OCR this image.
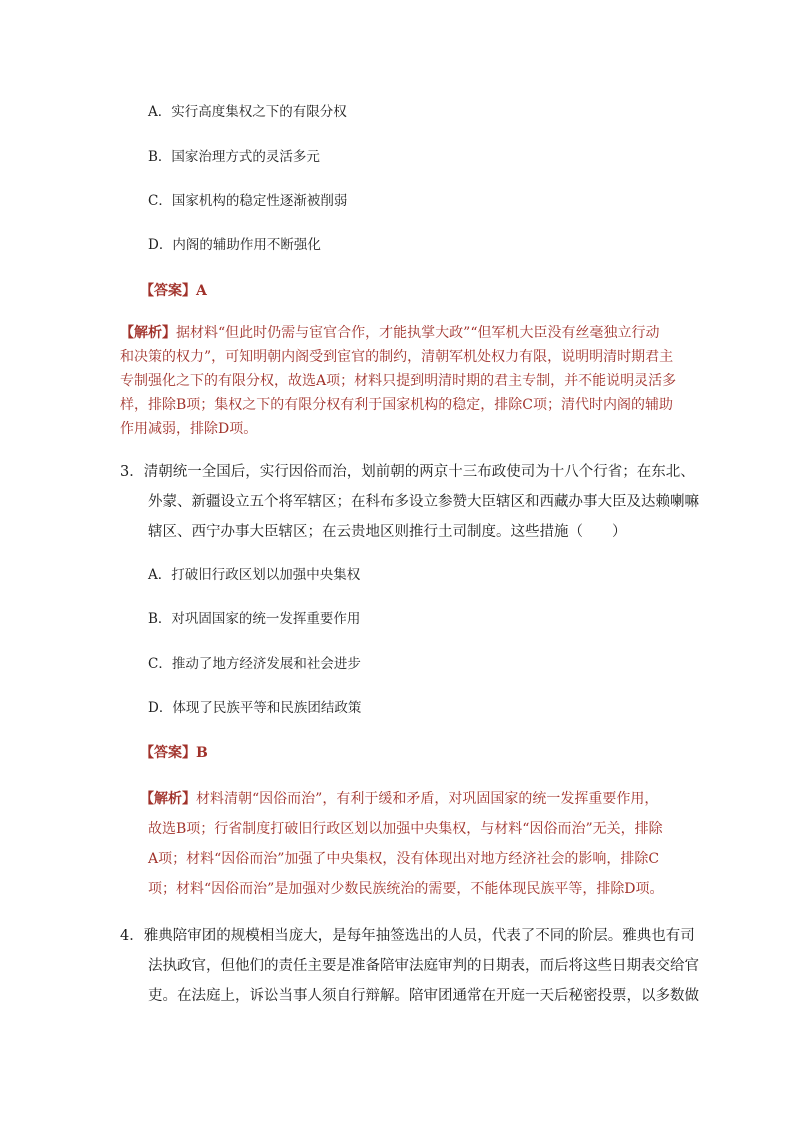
A．实行高度集权之下的有限分权
B．国家治理方式的灵活多元
C．国家机构的稳定性逐渐被削弱
D．内阁的辅助作用不断强化
【答案】A
【解析】据材料“但此时仍需与宦官合作，才能执掌大政”“但军机大臣没有丝毫独立行动
和决策的权力”，可知明朝内阁受到宦官的制约，清朝军机处权力有限，说明明清时期君主
专制强化之下的有限分权，故选A项；材料只提到明清时期的君主专制，并不能说明灵活多
样，排除B项；集权之下的有限分权有利于国家机构的稳定，排除C项；清代时内阁的辅助
作用减弱，排除D项。
3．清朝统一全国后，实行因俗而治，划前朝的两京十三布政使司为十八个行省；在东北、
外蒙、新疆设立五个将军辖区；在科布多设立参赞大臣辖区和西藏办事大臣及达赖喇嘛
辖区、西宁办事大臣辖区；在云贵地区则推行土司制度。这些措施（　　）
A．打破旧行政区划以加强中央集权
B．对巩固国家的统一发挥重要作用
C．推动了地方经济发展和社会进步
D．体现了民族平等和民族团结政策
【答案】B
【解析】材料清朝“因俗而治”，有利于缓和矛盾，对巩固国家的统一发挥重要作用，
故选B项；行省制度打破旧行政区划以加强中央集权，与材料“因俗而治”无关，排除
A项；材料“因俗而治”加强了中央集权，没有体现出对地方经济社会的影响，排除C
项；材料“因俗而治”是加强对少数民族统治的需要，不能体现民族平等，排除D项。
4．雅典陪审团的规模相当庞大，是每年抽签选出的人员，代表了不同的阶层。雅典也有司
法执政官，但他们的责任主要是准备陪审法庭审判的日期表，而后将这些日期表交给官
吏。在法庭上，诉讼当事人须自行辩解。陪审团通常在开庭一天后秘密投票，以多数做
